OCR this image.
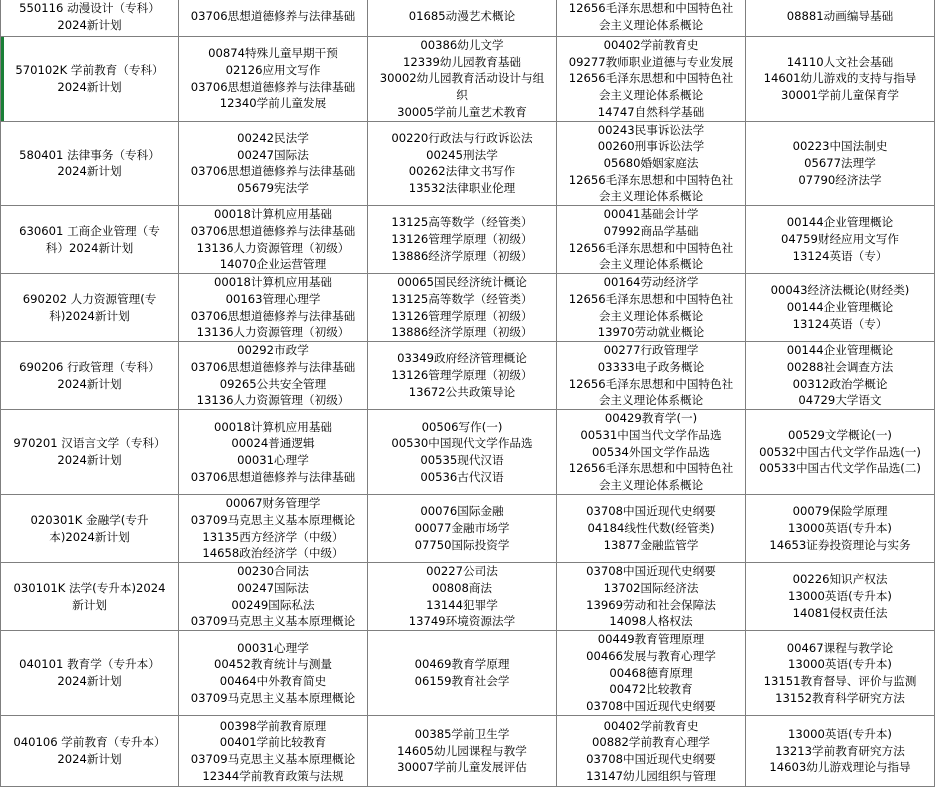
550116 动漫设计（专科）
2024新计划	03706思想道德修养与法律基础	01685动漫艺术概论	12656毛泽东思想和中国特色社
会主义理论体系概论	08881动画编导基础

570102K 学前教育（专科）
2024新计划	00874特殊儿童早期干预
02126应用文写作
03706思想道德修养与法律基础
12340学前儿童发展	00386幼儿文学
12339幼儿园教育基础
30002幼儿园教育活动设计与组
织
30005学前儿童艺术教育	00402学前教育史
09277教师职业道德与专业发展
12656毛泽东思想和中国特色社
会主义理论体系概论
14747自然科学基础	14110人文社会基础
14601幼儿游戏的支持与指导
30001学前儿童保育学

580401 法律事务（专科）
2024新计划	00242民法学
00247国际法
03706思想道德修养与法律基础
05679宪法学	00220行政法与行政诉讼法
00245刑法学
00262法律文书写作
13532法律职业伦理	00243民事诉讼法学
00260刑事诉讼法学
05680婚姻家庭法
12656毛泽东思想和中国特色社
会主义理论体系概论	00223中国法制史
05677法理学
07790经济法学

630601 工商企业管理（专
科）2024新计划	00018计算机应用基础
03706思想道德修养与法律基础
13136人力资源管理（初级）
14070企业运营管理	13125高等数学（经管类）
13126管理学原理（初级）
13886经济学原理（初级）	00041基础会计学
07992商品学基础
12656毛泽东思想和中国特色社
会主义理论体系概论	00144企业管理概论
04759财经应用文写作
13124英语（专）

690202 人力资源管理(专
科)2024新计划	00018计算机应用基础
00163管理心理学
03706思想道德修养与法律基础
13136人力资源管理（初级）	00065国民经济统计概论
13125高等数学（经管类）
13126管理学原理（初级）
13886经济学原理（初级）	00164劳动经济学
12656毛泽东思想和中国特色社
会主义理论体系概论
13970劳动就业概论	00043经济法概论(财经类)
00144企业管理概论
13124英语（专）

690206 行政管理（专科）
2024新计划	00292市政学
03706思想道德修养与法律基础
09265公共安全管理
13136人力资源管理（初级）	03349政府经济管理概论
13126管理学原理（初级）
13672公共政策导论	00277行政管理学
03333电子政务概论
12656毛泽东思想和中国特色社
会主义理论体系概论	00144企业管理概论
00288社会调查方法
00312政治学概论
04729大学语文

970201 汉语言文学（专科）
2024新计划	00018计算机应用基础
00024普通逻辑
00031心理学
03706思想道德修养与法律基础	00506写作(一)
00530中国现代文学作品选
00535现代汉语
00536古代汉语	00429教育学(一)
00531中国当代文学作品选
00534外国文学作品选
12656毛泽东思想和中国特色社
会主义理论体系概论	00529文学概论(一)
00532中国古代文学作品选(一)
00533中国古代文学作品选(二)

020301K 金融学(专升
本)2024新计划	00067财务管理学
03709马克思主义基本原理概论
13135西方经济学（中级）
14658政治经济学（中级）	00076国际金融
00077金融市场学
07750国际投资学	03708中国近现代史纲要
04184线性代数(经管类)
13877金融监管学	00079保险学原理
13000英语(专升本)
14653证券投资理论与实务

030101K 法学(专升本)2024
新计划	00230合同法
00247国际法
00249国际私法
03709马克思主义基本原理概论	00227公司法
00808商法
13144犯罪学
13749环境资源法学	03708中国近现代史纲要
13702国际经济法
13969劳动和社会保障法
14098人格权法	00226知识产权法
13000英语(专升本)
14081侵权责任法

040101 教育学（专升本）
2024新计划	00031心理学
00452教育统计与测量
00464中外教育简史
03709马克思主义基本原理概论	00469教育学原理
06159教育社会学	00449教育管理原理
00466发展与教育心理学
00468德育原理
00472比较教育
03708中国近现代史纲要	00467课程与教学论
13000英语(专升本)
13151教育督导、评价与监测
13152教育科学研究方法

040106 学前教育（专升本）
2024新计划	00398学前教育原理
00401学前比较教育
03709马克思主义基本原理概论
12344学前教育政策与法规	00385学前卫生学
14605幼儿园课程与教学
30007学前儿童发展评估	00402学前教育史
00882学前教育心理学
03708中国近现代史纲要
13147幼儿园组织与管理	13000英语(专升本)
13213学前教育研究方法
14603幼儿游戏理论与指导
